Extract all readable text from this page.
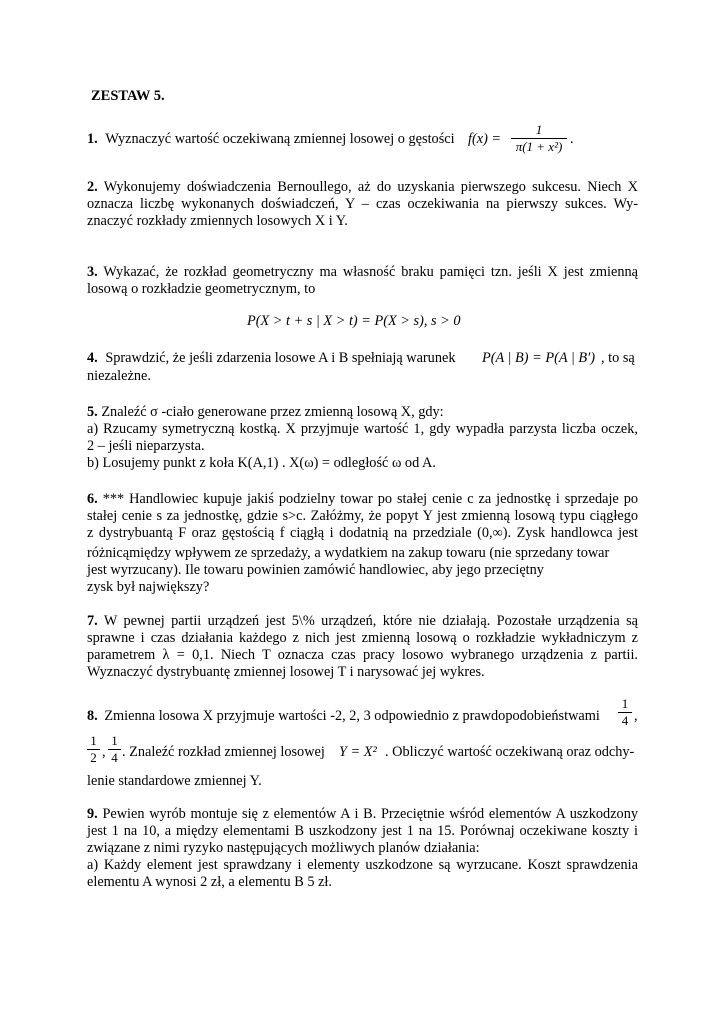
ZESTAW 5.
1. Wyznaczyć wartość oczekiwaną zmiennej losowej o gęstości f(x) =
1
π(1 + x²) .
2. Wykonujemy doświadczenia Bernoullego, aż do uzyskania pierwszego sukcesu. Niech X
oznacza liczbę wykonanych doświadczeń, Y – czas oczekiwania na pierwszy sukces. Wy-
znaczyć rozkłady zmiennych losowych X i Y.
3. Wykazać, że rozkład geometryczny ma własność braku pamięci tzn. jeśli X jest zmienną
losową o rozkładzie geometrycznym, to
P(X > t + s | X > t) = P(X > s), s > 0
4. Sprawdzić, że jeśli zdarzenia losowe A i B spełniają warunek P(A | B) = P(A | B′) , to są
niezależne.
5. Znaleźć σ -ciało generowane przez zmienną losową X, gdy:
a) Rzucamy symetryczną kostką. X przyjmuje wartość 1, gdy wypadła parzysta liczba oczek,
2 – jeśli nieparzysta.
b) Losujemy punkt z koła K(A,1) . X(ω) = odległość ω od A.
6. *** Handlowiec kupuje jakiś podzielny towar po stałej cenie c za jednostkę i sprzedaje po
stałej cenie s za jednostkę, gdzie s>c. Załóżmy, że popyt Y jest zmienną losową typu ciągłego
z dystrybuantą F oraz gęstością f ciągłą i dodatnią na przedziale (0,∞). Zysk handlowca jest
różnicąmiędzy wpływem ze sprzedaży, a wydatkiem na zakup towaru (nie sprzedany towar
jest wyrzucany). Ile towaru powinien zamówić handlowiec, aby jego przeciętny
zysk był największy?
7. W pewnej partii urządzeń jest 5\% urządzeń, które nie działają. Pozostałe urządzenia są
sprawne i czas działania każdego z nich jest zmienną losową o rozkładzie wykładniczym z
parametrem λ = 0,1. Niech T oznacza czas pracy losowo wybranego urządzenia z partii.
Wyznaczyć dystrybuantę zmiennej losowej T i narysować jej wykres.
8. Zmienna losowa X przyjmuje wartości -2, 2, 3 odpowiednio z prawdopodobieństwami
1
4 ,
1
2 ,
1
4 . Znaleźć rozkład zmiennej losowej Y = X² . Obliczyć wartość oczekiwaną oraz odchy-
lenie standardowe zmiennej Y.
9. Pewien wyrób montuje się z elementów A i B. Przeciętnie wśród elementów A uszkodzony
jest 1 na 10, a między elementami B uszkodzony jest 1 na 15. Porównaj oczekiwane koszty i
związane z nimi ryzyko następujących możliwych planów działania:
a) Każdy element jest sprawdzany i elementy uszkodzone są wyrzucane. Koszt sprawdzenia
elementu A wynosi 2 zł, a elementu B 5 zł.
